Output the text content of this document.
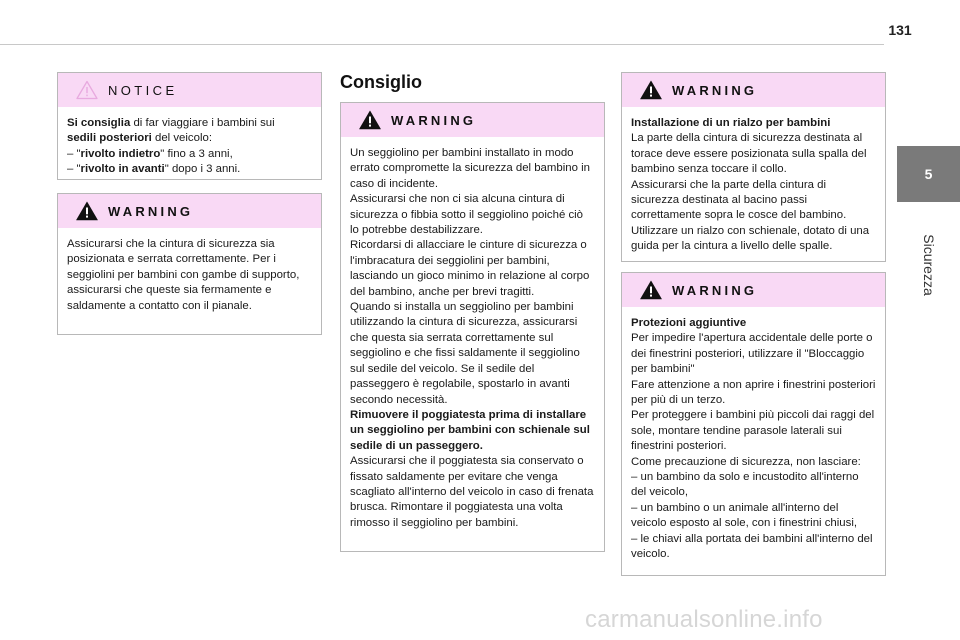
131
5
Sicurezza
NOTICE

Si consiglia di far viaggiare i bambini sui

sedili posteriori del veicolo:

– "rivolto indietro" fino a 3 anni,

– "rivolto in avanti" dopo i 3 anni.

WARNING

Assicurarsi che la cintura di sicurezza sia posizionata e serrata correttamente. Per i seggiolini per bambini con gambe di supporto, assicurarsi che queste sia fermamente e saldamente a contatto con il pianale.

Consiglio
WARNING

Un seggiolino per bambini installato in modo errato compromette la sicurezza del bambino in caso di incidente.

Assicurarsi che non ci sia alcuna cintura di sicurezza o fibbia sotto il seggiolino poiché ciò lo potrebbe destabilizzare.

Ricordarsi di allacciare le cinture di sicurezza o l'imbracatura dei seggiolini per bambini, lasciando un gioco minimo in relazione al corpo del bambino, anche per brevi tragitti.

Quando si installa un seggiolino per bambini utilizzando la cintura di sicurezza, assicurarsi che questa sia serrata correttamente sul seggiolino e che fissi saldamente il seggiolino sul sedile del veicolo. Se il sedile del passeggero è regolabile, spostarlo in avanti secondo necessità.

Rimuovere il poggiatesta prima di installare un seggiolino per bambini con schienale sul sedile di un passeggero.

Assicurarsi che il poggiatesta sia conservato o fissato saldamente per evitare che venga scagliato all'interno del veicolo in caso di frenata brusca. Rimontare il poggiatesta una volta rimosso il seggiolino per bambini.

WARNING

Installazione di un rialzo per bambini

La parte della cintura di sicurezza destinata al torace deve essere posizionata sulla spalla del bambino senza toccare il collo.

Assicurarsi che la parte della cintura di sicurezza destinata al bacino passi correttamente sopra le cosce del bambino.

Utilizzare un rialzo con schienale, dotato di una guida per la cintura a livello delle spalle.

WARNING

Protezioni aggiuntive

Per impedire l'apertura accidentale delle porte o dei finestrini posteriori, utilizzare il "Bloccaggio per bambini"

Fare attenzione a non aprire i finestrini posteriori per più di un terzo.

Per proteggere i bambini più piccoli dai raggi del sole, montare tendine parasole laterali sui finestrini posteriori.

Come precauzione di sicurezza, non lasciare:

– un bambino da solo e incustodito all'interno del veicolo,

– un bambino o un animale all'interno del veicolo esposto al sole, con i finestrini chiusi,

– le chiavi alla portata dei bambini all'interno del veicolo.

carmanualsonline.info
